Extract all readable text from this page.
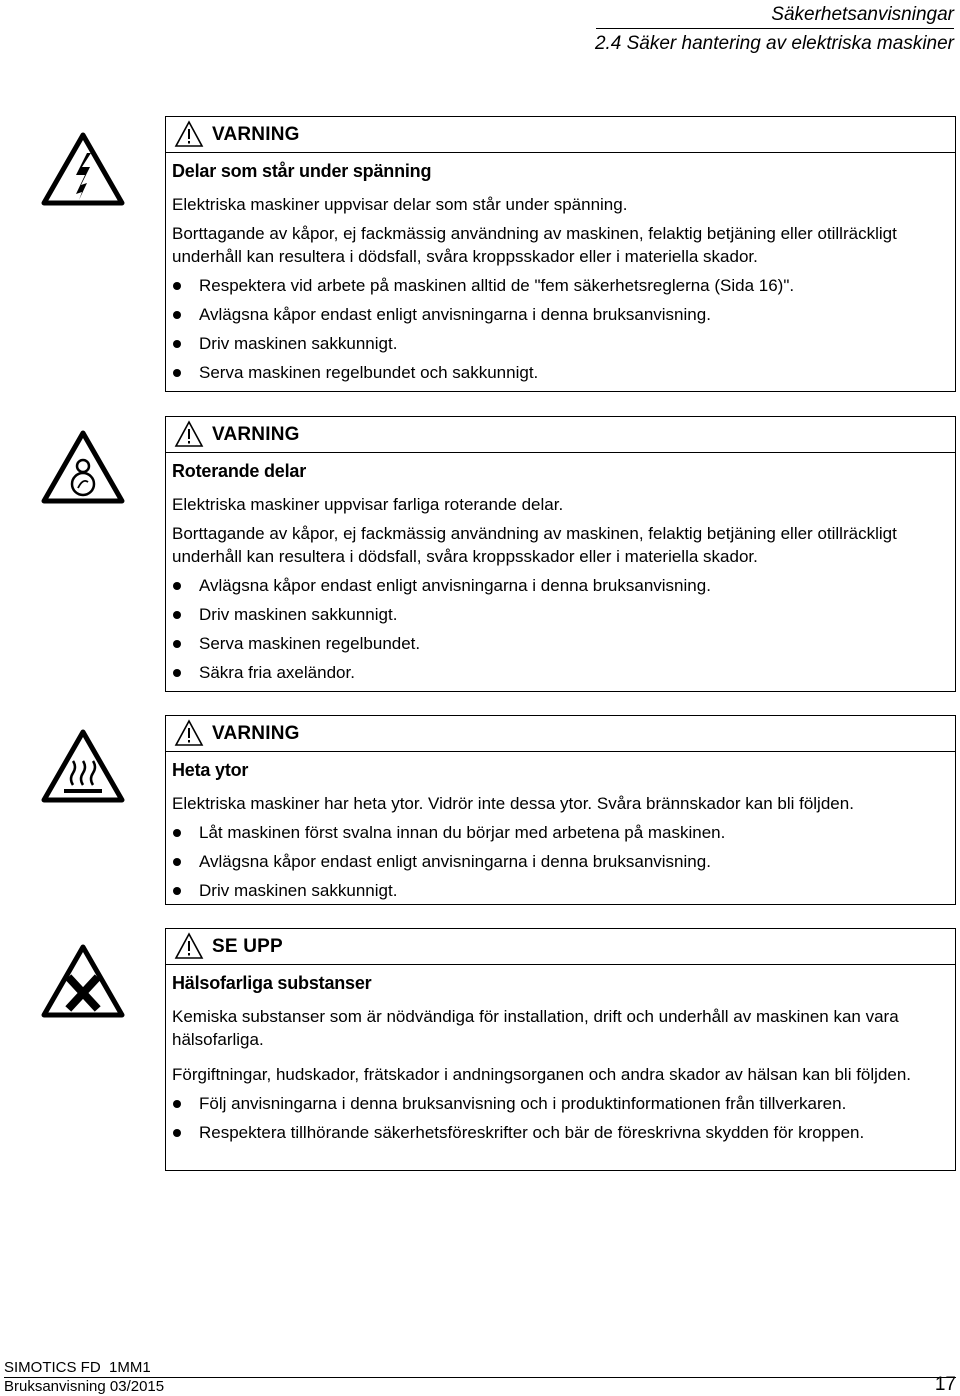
Säkerhetsanvisningar
2.4 Säker hantering av elektriska maskiner
VARNING
Delar som står under spänning
Elektriska maskiner uppvisar delar som står under spänning.
Borttagande av kåpor, ej fackmässig användning av maskinen, felaktig betjäning eller otillräckligt underhåll kan resultera i dödsfall, svåra kroppsskador eller i materiella skador.
Respektera vid arbete på maskinen alltid de "fem säkerhetsreglerna (Sida 16)".
Avlägsna kåpor endast enligt anvisningarna i denna bruksanvisning.
Driv maskinen sakkunnigt.
Serva maskinen regelbundet och sakkunnigt.
VARNING
Roterande delar
Elektriska maskiner uppvisar farliga roterande delar.
Borttagande av kåpor, ej fackmässig användning av maskinen, felaktig betjäning eller otillräckligt underhåll kan resultera i dödsfall, svåra kroppsskador eller i materiella skador.
Avlägsna kåpor endast enligt anvisningarna i denna bruksanvisning.
Driv maskinen sakkunnigt.
Serva maskinen regelbundet.
Säkra fria axeländor.
VARNING
Heta ytor
Elektriska maskiner har heta ytor. Vidrör inte dessa ytor. Svåra brännskador kan bli följden.
Låt maskinen först svalna innan du börjar med arbetena på maskinen.
Avlägsna kåpor endast enligt anvisningarna i denna bruksanvisning.
Driv maskinen sakkunnigt.
SE UPP
Hälsofarliga substanser
Kemiska substanser som är nödvändiga för installation, drift och underhåll av maskinen kan vara hälsofarliga.
Förgiftningar, hudskador, frätskador i andningsorganen och andra skador av hälsan kan bli följden.
Följ anvisningarna i denna bruksanvisning och i produktinformationen från tillverkaren.
Respektera tillhörande säkerhetsföreskrifter och bär de föreskrivna skydden för kroppen.
SIMOTICS FD  1MM1
Bruksanvisning 03/2015	17
